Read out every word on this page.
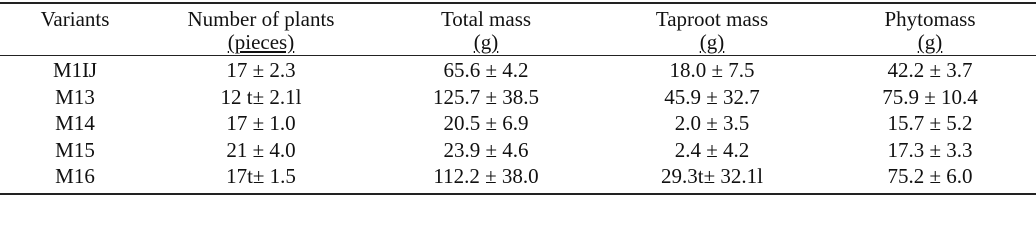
Variants	Number of plants	Total mass	Taproot mass	Phytomass
	(pieces)	(g)	(g)	(g)
M1Ĳ	17 ± 2.3	65.6 ± 4.2	18.0 ± 7.5	42.2 ± 3.7
M13	12 t± 2.1l	125.7 ± 38.5	45.9 ± 32.7	75.9 ± 10.4
M14	17 ± 1.0	20.5 ± 6.9	2.0 ± 3.5	15.7 ± 5.2
M15	21 ± 4.0	23.9 ± 4.6	2.4 ± 4.2	17.3 ± 3.3
M16	17t± 1.5	112.2 ± 38.0	29.3t± 32.1l	75.2 ± 6.0
